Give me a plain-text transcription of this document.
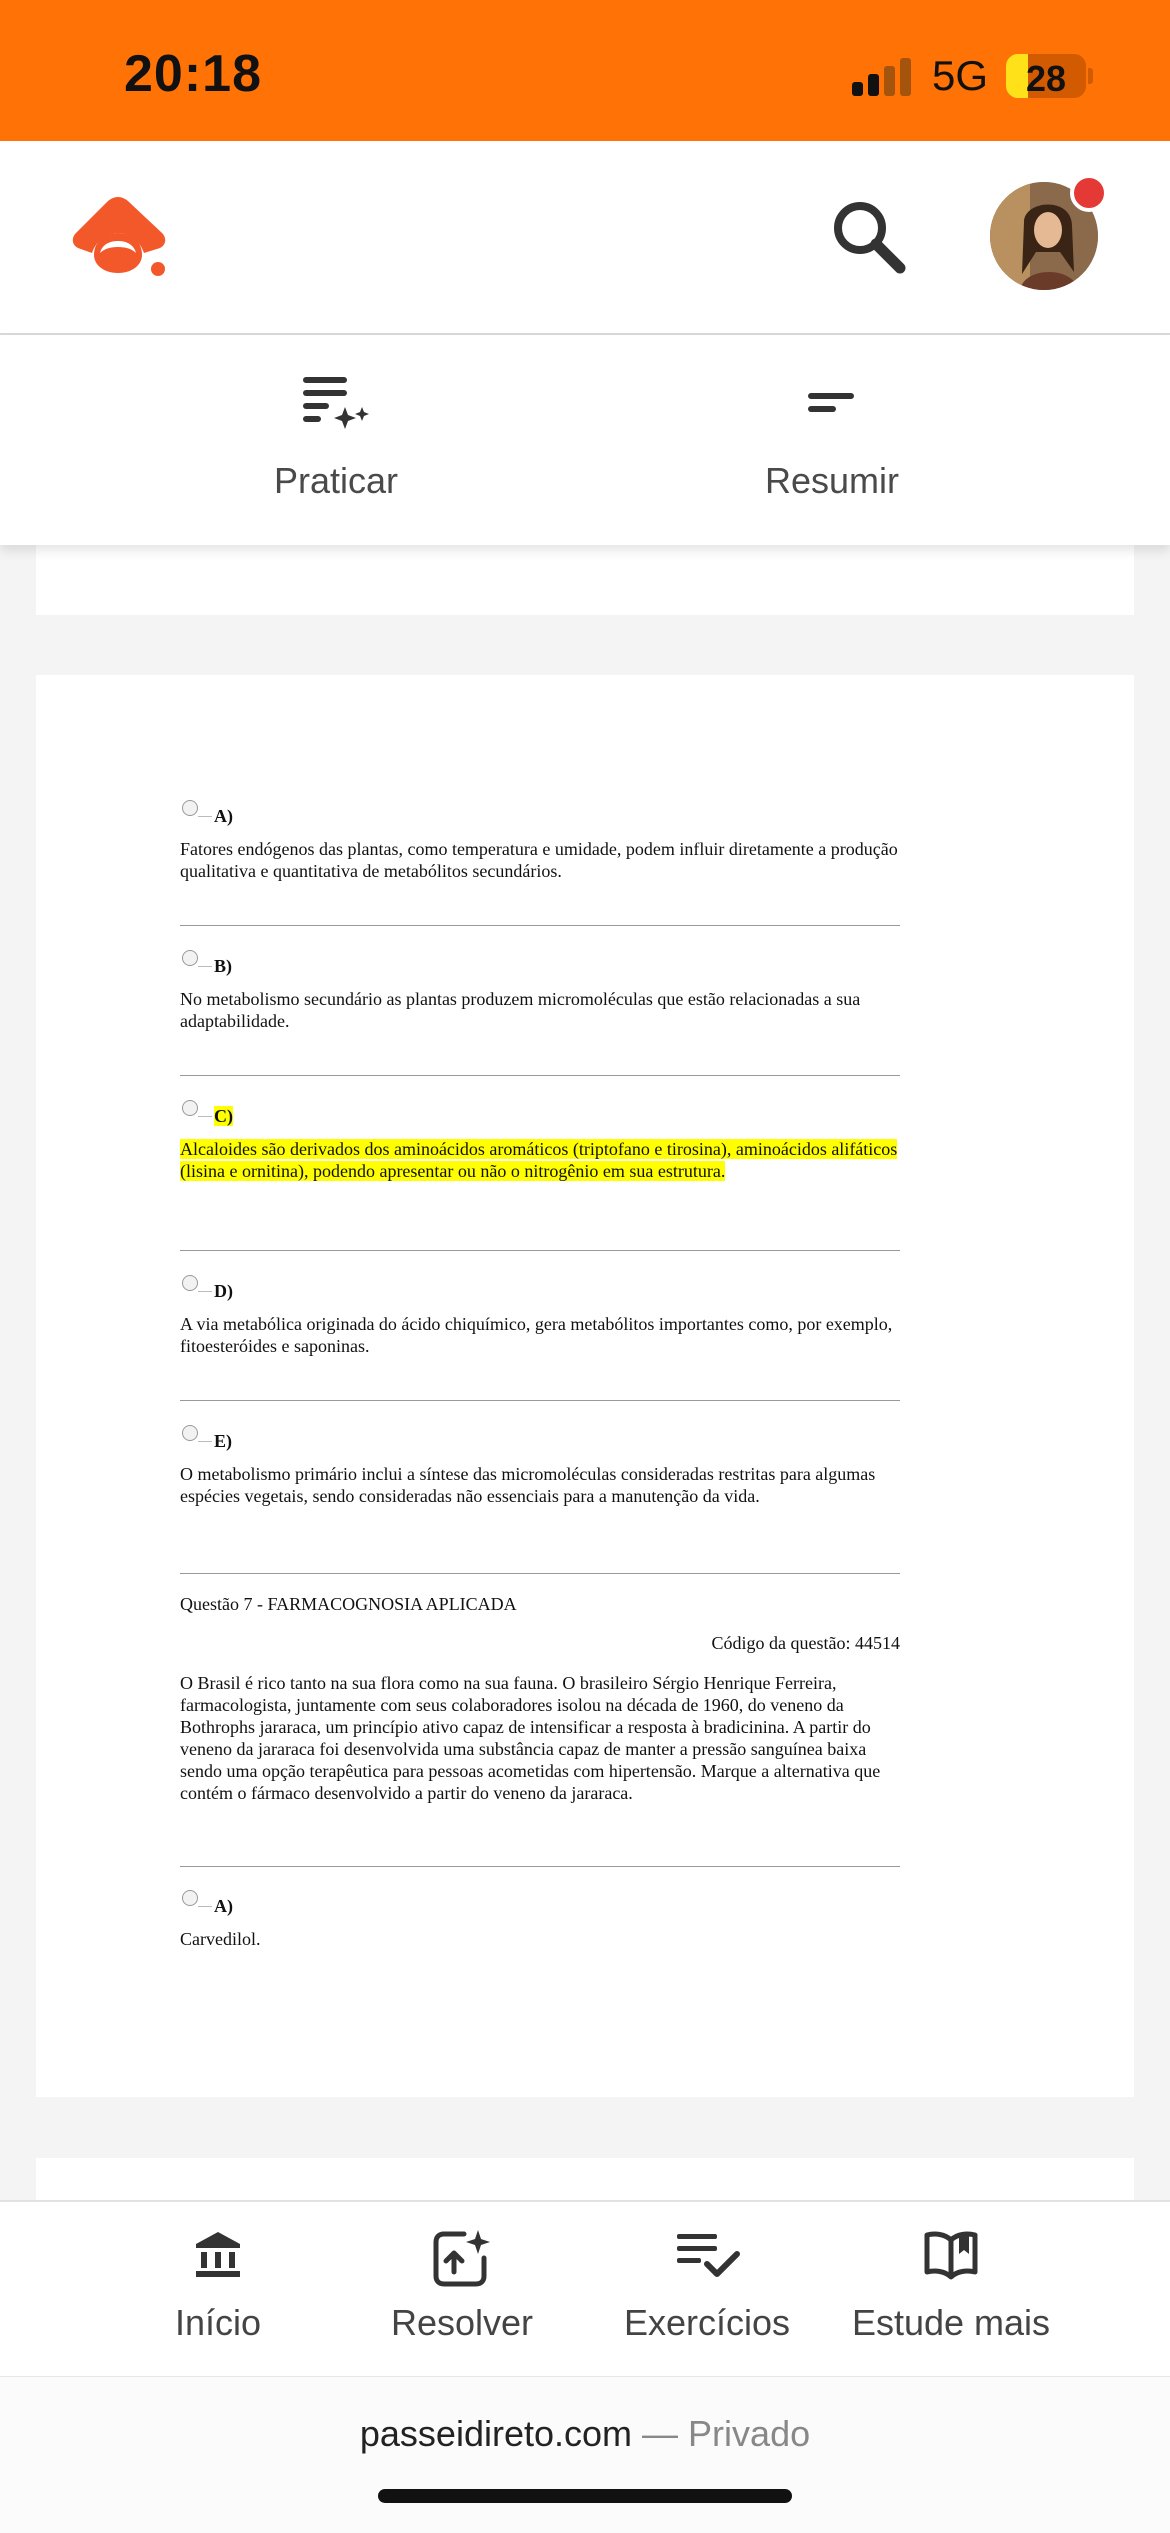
20:18	5G	28
Praticar	Resumir
A)
Fatores endógenos das plantas, como temperatura e umidade, podem influir diretamente a produção qualitativa e quantitativa de metabólitos secundários.
B)
No metabolismo secundário as plantas produzem micromoléculas que estão relacionadas a sua adaptabilidade.
C)
Alcaloides são derivados dos aminoácidos aromáticos (triptofano e tirosina), aminoácidos alifáticos (lisina e ornitina), podendo apresentar ou não o nitrogênio em sua estrutura.
D)
A via metabólica originada do ácido chiquímico, gera metabólitos importantes como, por exemplo, fitoesteróides e saponinas.
E)
O metabolismo primário inclui a síntese das micromoléculas consideradas restritas para algumas espécies vegetais, sendo consideradas não essenciais para a manutenção da vida.
Questão 7 - FARMACOGNOSIA APLICADA
Código da questão: 44514
O Brasil é rico tanto na sua flora como na sua fauna. O brasileiro Sérgio Henrique Ferreira, farmacologista, juntamente com seus colaboradores isolou na década de 1960, do veneno da Bothrophs jararaca, um princípio ativo capaz de intensificar a resposta à bradicinina. A partir do veneno da jararaca foi desenvolvida uma substância capaz de manter a pressão sanguínea baixa sendo uma opção terapêutica para pessoas acometidas com hipertensão. Marque a alternativa que contém o fármaco desenvolvido a partir do veneno da jararaca.
A)
Carvedilol.
Início	Resolver	Exercícios	Estude mais
passeidireto.com — Privado
